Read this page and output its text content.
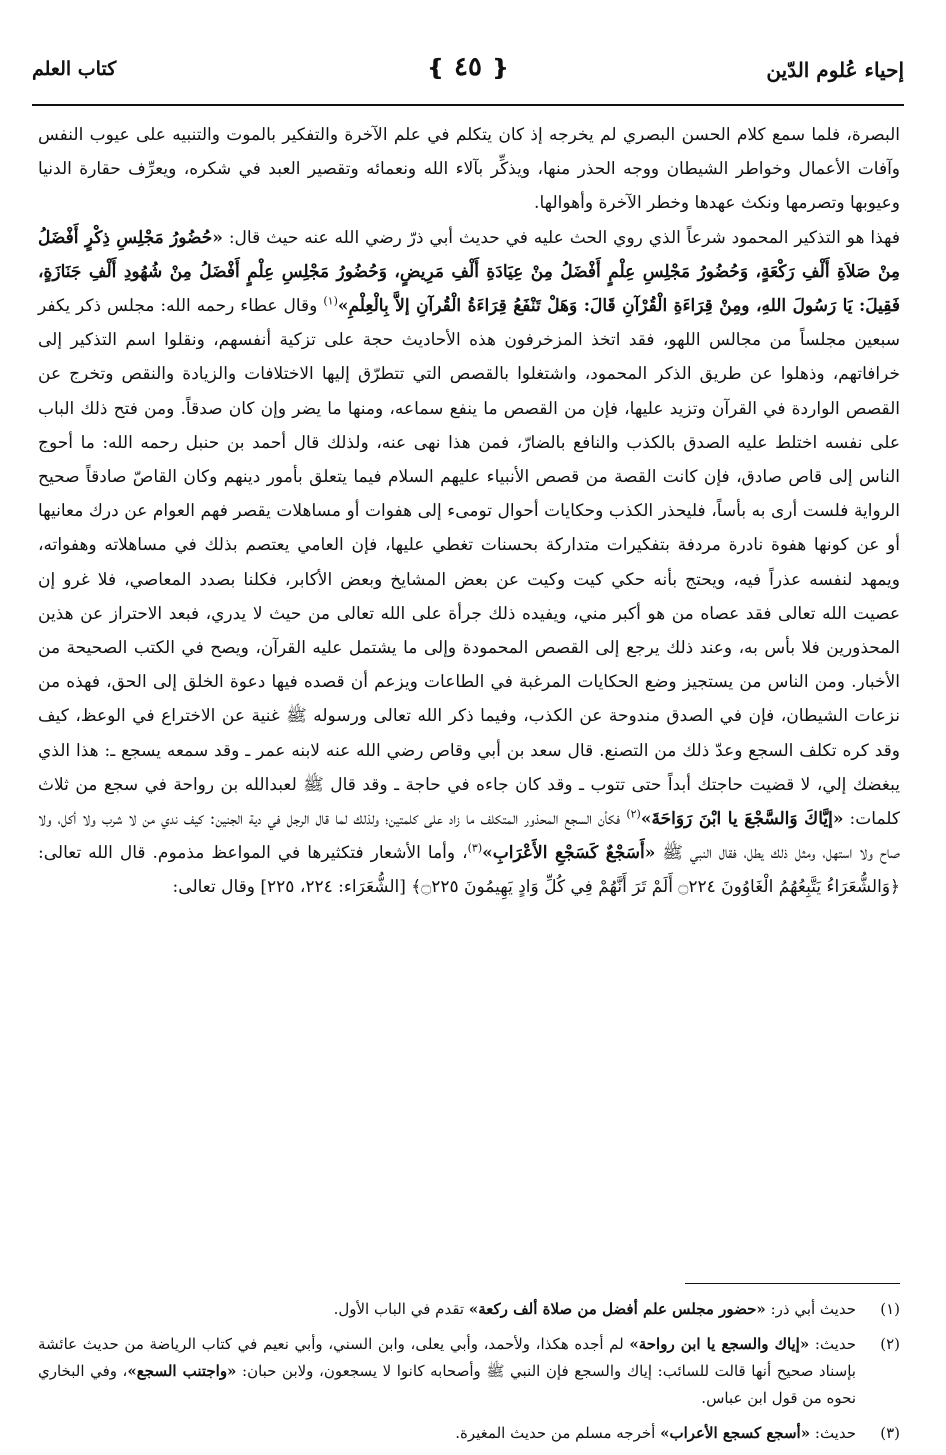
إحياء عُلوم الدّين
❴ ٤٥ ❵
كتاب العلم

البصرة، فلما سمع كلام الحسن البصري لم يخرجه إذ كان يتكلم في علم الآخرة والتفكير بالموت والتنبيه على عيوب النفس وآفات الأعمال وخواطر الشيطان ووجه الحذر منها، ويذكِّر بآلاء الله ونعمائه وتقصير العبد في شكره، ويعرِّف حقارة الدنيا وعيوبها وتصرمها ونكث عهدها وخطر الآخرة وأهوالها.

فهذا هو التذكير المحمود شرعاً الذي روي الحث عليه في حديث أبي ذرّ رضي الله عنه حيث قال: «حُضُورُ مَجْلِسِ ذِكْرٍ أَفْضَلُ مِنْ صَلاَةِ أَلْفِ رَكْعَةٍ، وَحُضُورُ مَجْلِسِ عِلْمٍ أَفْضَلُ مِنْ عِيَادَةِ أَلْفِ مَرِيضٍ، وَحُضُورُ مَجْلِسِ عِلْمٍ أَفْضَلُ مِنْ شُهُودِ أَلْفِ جَنَازَةٍ، فَقِيلَ: يَا رَسُولَ اللهِ، ومِنْ قِرَاءَةِ الْقُرْآنِ قَالَ: وَهَلْ تَنْفَعُ قِرَاءَةُ الْقُرآنِ إلاَّ بِالْعِلْمِ»$^{(١)}$ وقال عطاء رحمه الله: مجلس ذكر يكفر سبعين مجلساً من مجالس اللهو، فقد اتخذ المزخرفون هذه الأحاديث حجة على تزكية أنفسهم، ونقلوا اسم التذكير إلى خرافاتهم، وذهلوا عن طريق الذكر المحمود، واشتغلوا بالقصص التي تتطرّق إليها الاختلافات والزيادة والنقص وتخرج عن القصص الواردة في القرآن وتزيد عليها، فإن من القصص ما ينفع سماعه، ومنها ما يضر وإن كان صدقاً. ومن فتح ذلك الباب على نفسه اختلط عليه الصدق بالكذب والنافع بالضارّ، فمن هذا نهى عنه، ولذلك قال أحمد بن حنبل رحمه الله: ما أحوج الناس إلى قاص صادق، فإن كانت القصة من قصص الأنبياء عليهم السلام فيما يتعلق بأمور دينهم وكان القاصّ صادقاً صحيح الرواية فلست أرى به بأساً، فليحذر الكذب وحكايات أحوال تومىء إلى هفوات أو مساهلات يقصر فهم العوام عن درك معانيها أو عن كونها هفوة نادرة مردفة بتفكيرات متداركة بحسنات تغطي عليها، فإن العامي يعتصم بذلك في مساهلاته وهفواته، ويمهد لنفسه عذراً فيه، ويحتج بأنه حكي كيت وكيت عن بعض المشايخ وبعض الأكابر، فكلنا بصدد المعاصي، فلا غرو إن عصيت الله تعالى فقد عصاه من هو أكبر مني، ويفيده ذلك جرأة على الله تعالى من حيث لا يدري، فبعد الاحتراز عن هذين المحذورين فلا بأس به، وعند ذلك يرجع إلى القصص المحمودة وإلى ما يشتمل عليه القرآن، ويصح في الكتب الصحيحة من الأخبار. ومن الناس من يستجيز وضع الحكايات المرغبة في الطاعات ويزعم أن قصده فيها دعوة الخلق إلى الحق، فهذه من نزعات الشيطان، فإن في الصدق مندوحة عن الكذب، وفيما ذكر الله تعالى ورسوله ﷺ غنية عن الاختراع في الوعظ، كيف وقد كره تكلف السجع وعدّ ذلك من التصنع. قال سعد بن أبي وقاص رضي الله عنه لابنه عمر ـ وقد سمعه يسجع ـ: هذا الذي يبغضك إلي، لا قضيت حاجتك أبداً حتى تتوب ـ وقد كان جاءه في حاجة ـ وقد قال ﷺ لعبدالله بن رواحة في سجع من ثلاث كلمات: «إيَّاكَ وَالسَّجْعَ يا ابْنَ رَوَاحَةَ»$^{(٢)}$ فكأن السجع المحذور المتكلف ما زاد على كلمتين؛ ولذلك لما قال الرجل في دية الجنين: كيف ندي من لا شرب ولا أكل، ولا صاح ولا استهل، ومثل ذلك يطل، فقال النبي ﷺ «أَسَجْعٌ كَسَجْعِ الأَعْرَابِ»$^{(٣)}$، وأما الأشعار فتكثيرها في المواعظ مذموم. قال الله تعالى: ﴿وَالشُّعَرَاءُ يَتَّبِعُهُمُ الْغَاوُونَ ۝٢٢٤ أَلَمْ تَرَ أَنَّهُمْ فِي كُلِّ وَادٍ يَهِيمُونَ ۝٢٢٥﴾ [الشُّعَرَاء: ٢٢٤، ٢٢٥] وقال تعالى:

(١)
حديث أبي ذر: «حضور مجلس علم أفضل من صلاة ألف ركعة» تقدم في الباب الأول.
(٢)
حديث: «إياك والسجع يا ابن رواحة» لم أجده هكذا، ولأحمد، وأبي يعلى، وابن السني، وأبي نعيم في كتاب الرياضة من حديث عائشة بإسناد صحيح أنها قالت للسائب: إياك والسجع فإن النبي ﷺ وأصحابه كانوا لا يسجعون، ولابن حبان: «واجتنب السجع»، وفي البخاري نحوه من قول ابن عباس.
(٣)
حديث: «أسجع كسجع الأعراب» أخرجه مسلم من حديث المغيرة.
